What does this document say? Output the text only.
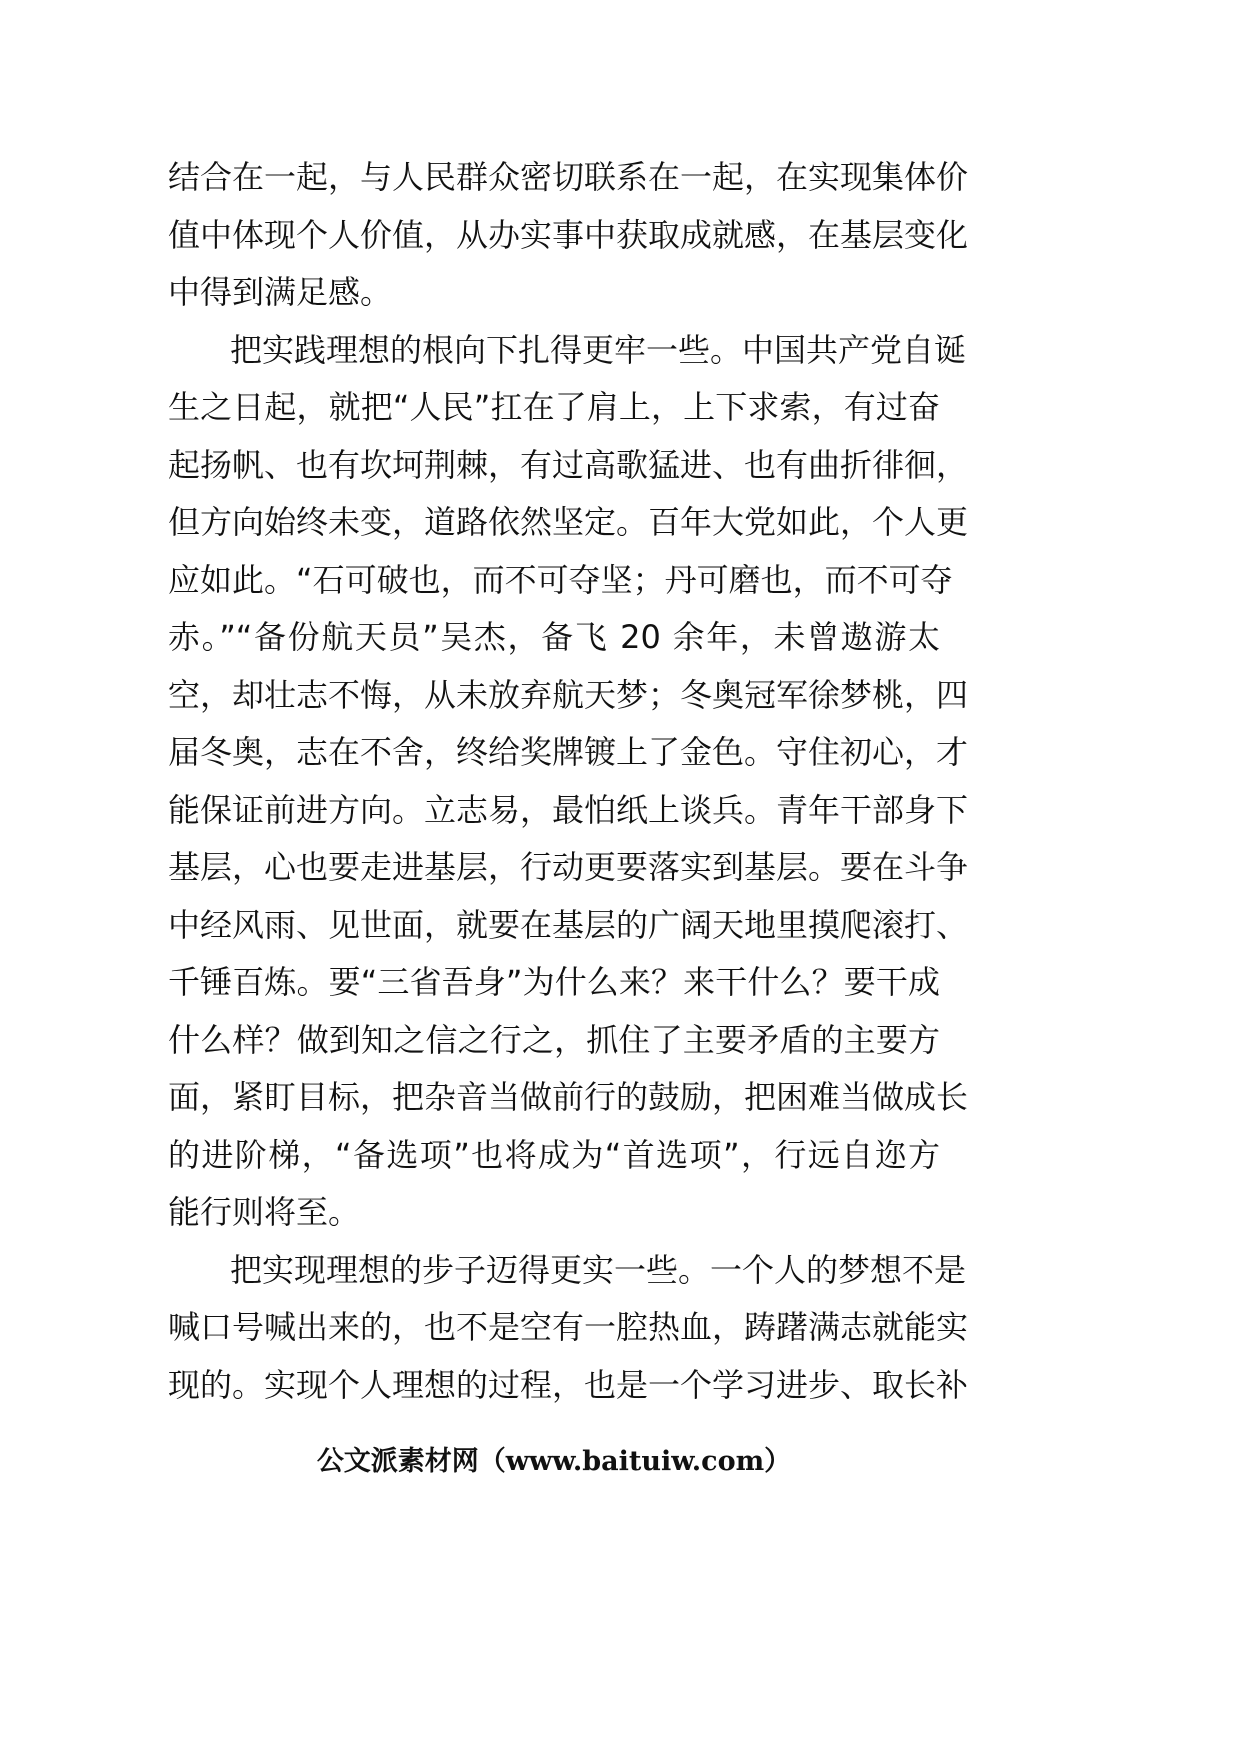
结合在一起，与人民群众密切联系在一起，在实现集体价
值中体现个人价值，从办实事中获取成就感，在基层变化
中得到满足感。
把实践理想的根向下扎得更牢一些。中国共产党自诞
生之日起，就把“人民”扛在了肩上，上下求索，有过奋
起扬帆、也有坎坷荆棘，有过高歌猛进、也有曲折徘徊，
但方向始终未变，道路依然坚定。百年大党如此，个人更
应如此。“石可破也，而不可夺坚；丹可磨也，而不可夺
赤。”“备份航天员”吴杰，备飞 20 余年，未曾遨游太
空，却壮志不悔，从未放弃航天梦；冬奥冠军徐梦桃，四
届冬奥，志在不舍，终给奖牌镀上了金色。守住初心，才
能保证前进方向。立志易，最怕纸上谈兵。青年干部身下
基层，心也要走进基层，行动更要落实到基层。要在斗争
中经风雨、见世面，就要在基层的广阔天地里摸爬滚打、
千锤百炼。要“三省吾身”为什么来？来干什么？要干成
什么样？做到知之信之行之，抓住了主要矛盾的主要方
面，紧盯目标，把杂音当做前行的鼓励，把困难当做成长
的进阶梯，“备选项”也将成为“首选项”，行远自迩方
能行则将至。
把实现理想的步子迈得更实一些。一个人的梦想不是
喊口号喊出来的，也不是空有一腔热血，踌躇满志就能实
现的。实现个人理想的过程，也是一个学习进步、取长补
公文派素材网（www.baituiw.com）
